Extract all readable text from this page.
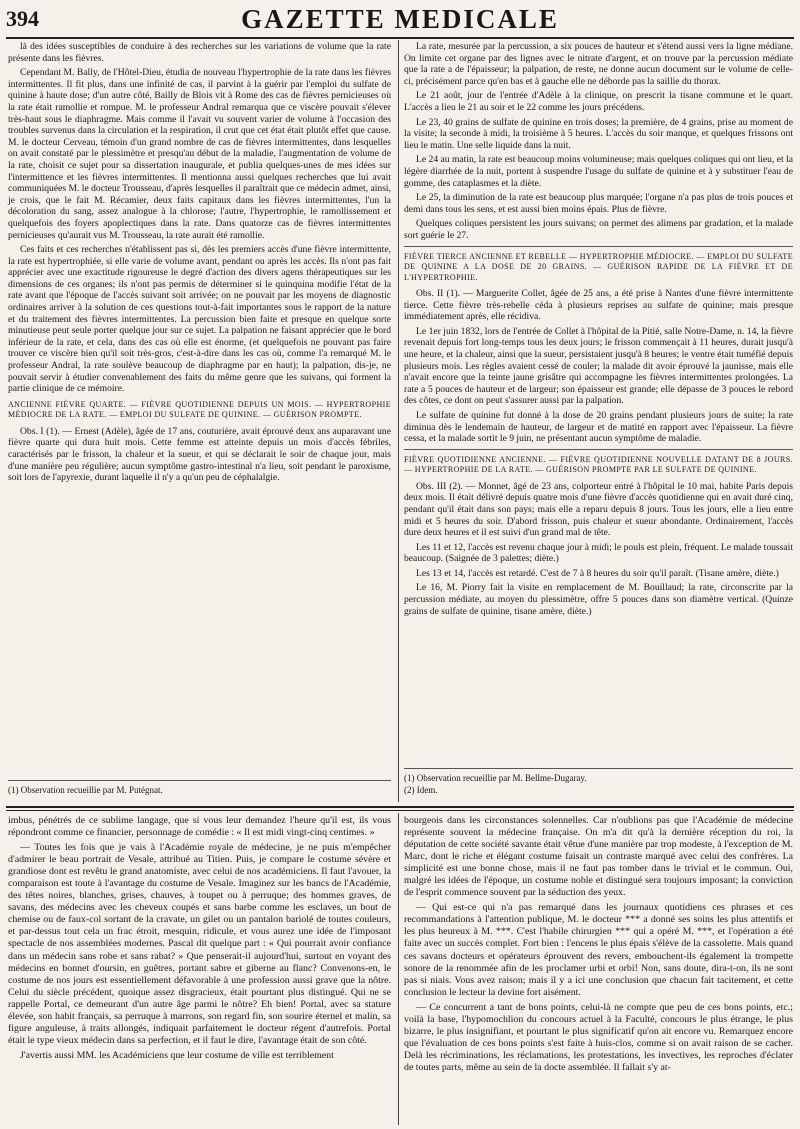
394	GAZETTE MEDICALE

là des idées susceptibles de conduire à des recherches sur les variations de volume que la rate présente dans les fièvres.

Cependant M. Bally, de l'Hôtel-Dieu, étudia de nouveau l'hypertrophie de la rate dans les fièvres intermittentes. Il fit plus, dans une infinité de cas, il parvint à la guérir par l'emploi du sulfate de quinine à haute dose; d'un autre côté, Bailly de Blois vit à Rome des cas de fièvres pernicieuses où la rate était ramollie et rompue. M. le professeur Andral remarqua que ce viscère pouvait s'élever très-haut sous le diaphragme. Mais comme il l'avait vu souvent varier de volume à l'occasion des troubles survenus dans la circulation et la respiration, il crut que cet état était plutôt effet que cause. M. le docteur Cerveau, témoin d'un grand nombre de cas de fièvres intermittentes, dans lesquelles on avait constaté par le plessimètre et presqu'au début de la maladie, l'augmentation de volume de la rate, choisit ce sujet pour sa dissertation inaugurale, et publia quelques-unes de mes idées sur l'intermittence et les fièvres intermittentes. Il mentionna aussi quelques recherches que lui avait communiquées M. le docteur Trousseau, d'après lesquelles il paraîtrait que ce médecin admet, ainsi, je crois, que le fait M. Récamier, deux faits capitaux dans les fièvres intermittentes, l'un la décoloration du sang, assez analogue à la chlorose; l'autre, l'hypertrophie, le ramollissement et quelquefois des foyers apoplectiques dans la rate. Dans quatorze cas de fièvres intermittentes pernicieuses qu'aurait vus M. Trousseau, la rate aurait été ramollie.

Ces faits et ces recherches n'établissent pas si, dès les premiers accès d'une fièvre intermittente, la rate est hypertrophiée, si elle varie de volume avant, pendant ou après les accès. Ils n'ont pas fait apprécier avec une exactitude rigoureuse le degré d'action des divers agens thérapeutiques sur les dimensions de ces organes; ils n'ont pas permis de déterminer si le quinquina modifie l'état de la rate avant que l'époque de l'accès suivant soit arrivée; on ne pouvait par les moyens de diagnostic ordinaires arriver à la solution de ces questions tout-à-fait importantes sous le rapport de la nature et du traitement des fièvres intermittentes. La percussion bien faite et presque en quelque sorte minutieuse peut seule porter quelque jour sur ce sujet. La palpation ne faisant apprécier que le bord inférieur de la rate, et cela, dans des cas où elle est énorme, (et quelquefois ne pouvant pas faire trouver ce viscère bien qu'il soit très-gros, c'est-à-dire dans les cas où, comme l'a remarqué M. le professeur Andral, la rate soulève beaucoup de diaphragme par en haut); la palpation, dis-je, ne pouvait servir à étudier convenablement des faits du même genre que les suivans, qui forment la partie clinique de ce mémoire.

ANCIENNE FIÈVRE QUARTE. — FIÈVRE QUOTIDIENNE DEPUIS UN MOIS. — HYPERTROPHIE MÉDIOCRE DE LA RATE. — EMPLOI DU SULFATE DE QUININE. — GUÉRISON PROMPTE.

Obs. I (1). — Ernest (Adèle), âgée de 17 ans, couturière, avait éprouvé deux ans auparavant une fièvre quarte qui dura huit mois. Cette femme est atteinte depuis un mois d'accès fébriles, caractérisés par le frisson, la chaleur et la sueur, et qui se déclarait le soir de chaque jour, mais d'une manière peu régulière; aucun symptôme gastro-intestinal n'a lieu, soit pendant le paroxisme, soit lors de l'apyrexie, durant laquelle il n'y a qu'un peu de céphalalgie.

(1) Observation recueillie par M. Putégnat.

La rate, mesurée par la percussion, a six pouces de hauteur et s'étend aussi vers la ligne médiane. On limite cet organe par des lignes avec le nitrate d'argent, et on trouve par la percussion médiate que la rate a de l'épaisseur; la palpation, de reste, ne donne aucun document sur le volume de celle-ci, précisément parce qu'en bas et à gauche elle ne déborde pas la saillie du thorax.

Le 21 août, jour de l'entrée d'Adèle à la clinique, on prescrit la tisane commune et le quart. L'accès a lieu le 21 au soir et le 22 comme les jours précédens.

Le 23, 40 grains de sulfate de quinine en trois doses; la première, de 4 grains, prise au moment de la visite; la seconde à midi, la troisième à 5 heures. L'accès du soir manque, et quelques frissons ont lieu le matin. Une selle liquide dans la nuit.

Le 24 au matin, la rate est beaucoup moins volumineuse; mais quelques coliques qui ont lieu, et la légère diarrhée de la nuit, portent à suspendre l'usage du sulfate de quinine et à y substituer l'eau de gomme, des cataplasmes et la diète.

Le 25, la diminution de la rate est beaucoup plus marquée; l'organe n'a pas plus de trois pouces et demi dans tous les sens, et est aussi bien moins épais. Plus de fièvre.

Quelques coliques persistent les jours suivans; on permet des alimens par gradation, et la malade sort guérie le 27.

FIÈVRE TIERCE ANCIENNE ET REBELLE — HYPERTROPHIE MÉDIOCRE. — EMPLOI DU SULFATE DE QUININE A LA DOSE DE 20 GRAINS. — GUÉRISON RAPIDE DE LA FIÈVRE ET DE L'HYPERTROPHIE.

Obs. II (1). — Marguerite Collet, âgée de 25 ans, a été prise à Nantes d'une fièvre intermittente tierce. Cette fièvre très-rebelle céda à plusieurs reprises au sulfate de quinine; mais presque immédiatement après, elle récidiva.

Le 1er juin 1832, lors de l'entrée de Collet à l'hôpital de la Pitié, salle Notre-Dame, n. 14, la fièvre revenait depuis fort long-temps tous les deux jours; le frisson commençait à 11 heures, durait jusqu'à une heure, et la chaleur, ainsi que la sueur, persistaient jusqu'à 8 heures; le ventre était tuméfié depuis plusieurs mois. Les règles avaient cessé de couler; la malade dit avoir éprouvé la jaunisse, mais elle n'avait encore que la teinte jaune grisâtre qui accompagne les fièvres intermittentes prolongées. La rate a 5 pouces de hauteur et de largeur; son épaisseur est grande; elle dépasse de 3 pouces le rebord des côtes, ce dont on peut s'assurer aussi par la palpation.

Le sulfate de quinine fut donné à la dose de 20 grains pendant plusieurs jours de suite; la rate diminua dès le lendemain de hauteur, de largeur et de matité en rapport avec l'épaisseur. La fièvre cessa, et la malade sortit le 9 juin, ne présentant aucun symptôme de maladie.

FIÈVRE QUOTIDIENNE ANCIENNE. — FIÈVRE QUOTIDIENNE NOUVELLE DATANT DE 8 JOURS. — HYPERTROPHIE DE LA RATE. — GUÉRISON PROMPTE PAR LE SULFATE DE QUININE.

Obs. III (2). — Monnet, âgé de 23 ans, colporteur entré à l'hôpital le 10 mai, habite Paris depuis deux mois. Il était délivré depuis quatre mois d'une fièvre d'accès quotidienne qui en avait duré cinq, pendant qu'il était dans son pays; mais elle a reparu depuis 8 jours. Tous les jours, elle a lieu entre midi et 5 heures du soir. D'abord frisson, puis chaleur et sueur abondante. Ordinairement, l'accès dure deux heures et il est suivi d'un grand mal de tête.

Les 11 et 12, l'accès est revenu chaque jour à midi; le pouls est plein, fréquent. Le malade toussait beaucoup. (Saignée de 3 palettes; diète.)

Les 13 et 14, l'accès est retardé. C'est de 7 à 8 heures du soir qu'il paraît. (Tisane amère, diète.)

Le 16, M. Piorry fait la visite en remplacement de M. Bouillaud; la rate, circonscrite par la percussion médiate, au moyen du plessimètre, offre 5 pouces dans son diamètre vertical. (Quinze grains de sulfate de quinine, tisane amère, diète.)

(1) Observation recueillie par M. Bellme-Dugaray.

(2) Idem.

imbus, pénétrés de ce sublime langage, que si vous leur demandez l'heure qu'il est, ils vous répondront comme ce financier, personnage de comédie : « Il est midi vingt-cinq centimes. »

— Toutes les fois que je vais à l'Académie royale de médecine, je ne puis m'empêcher d'admirer le beau portrait de Vesale, attribué au Titien. Puis, je compare le costume sévère et grandiose dont est revêtu le grand anatomiste, avec celui de nos académiciens. Il faut l'avouer, la comparaison est toute à l'avantage du costume de Vesale. Imaginez sur les bancs de l'Académie, des têtes noires, blanches, grises, chauves, à toupet ou à perruque; des hommes graves, de savans, des médecins avec les cheveux coupés et sans barbe comme les esclaves, un bout de chemise ou de faux-col sortant de la cravate, un gilet ou un pantalon bariolé de toutes couleurs, et par-dessus tout cela un frac étroit, mesquin, ridicule, et vous aurez une idée de l'imposant spectacle de nos assemblées modernes. Pascal dit quelque part : « Qui pourrait avoir confiance dans un médecin sans robe et sans rabat? » Que penserait-il aujourd'hui, surtout en voyant des médecins en bonnet d'oursin, en guêtres, portant sabre et giberne au flanc? Convenons-en, le costume de nos jours est essentiellement défavorable à une profession aussi grave que la nôtre. Celui du siècle précédent, quoique assez disgracieux, était pourtant plus distingué. Qui ne se rappelle Portal, ce demeurant d'un autre âge parmi le nôtre? Eh bien! Portal, avec sa stature élevée, son habit français, sa perruque à marrons, son regard fin, son sourire éternel et malin, sa figure anguleuse, à traits allongés, indiquait parfaitement le docteur régent d'autrefois. Portal était le type vieux médecin dans sa perfection, et il faut le dire, l'avantage était de son côté.

J'avertis aussi MM. les Académiciens que leur costume de ville est terriblement

bourgeois dans les circonstances solennelles. Car n'oublions pas que l'Académie de médecine représente souvent la médecine française. On m'a dit qu'à la dernière réception du roi, la députation de cette société savante était vêtue d'une manière par trop modeste, à l'exception de M. Marc, dont le riche et élégant costume faisait un contraste marqué avec celui des confrères. La simplicité est une bonne chose, mais il ne faut pas tomber dans le trivial et le commun. Oui, malgré les idées de l'époque, un costume noble et distingué sera toujours imposant; la conviction de l'esprit commence souvent par la séduction des yeux.

— Qui est-ce qui n'a pas remarqué dans les journaux quotidiens ces phrases et ces recommandations à l'attention publique, M. le docteur *** a donné ses soins les plus attentifs et les plus heureux à M. ***. C'est l'habile chirurgien *** qui a opéré M. ***, et l'opération a été faite avec un succès complet. Fort bien : l'encens le plus épais s'élève de la cassolette. Mais quand ces savans docteurs et opérateurs éprouvent des revers, embouchent-ils également la trompette sonore de la renommée afin de les proclamer urbi et orbi! Non, sans doute, dira-t-on, ils ne sont pas si niais. Vous avez raison; mais il y a ici une conclusion que chacun fait tacitement, et cette conclusion le lecteur la devine fort aisément.

— Ce concurrent a tant de bons points, celui-là ne compte que peu de ces bons points, etc.; voilà la base, l'hypomochlion du concours actuel à la Faculté, concours le plus étrange, le plus bizarre, le plus insignifiant, et pourtant le plus significatif qu'on ait encore vu. Remarquez encore que l'évaluation de ces bons points s'est faite à huis-clos, comme si on avait raison de se cacher. Delà les récriminations, les réclamations, les protestations, les invectives, les reproches d'éclater de toutes parts, même au sein de la docte assemblée. Il fallait s'y at-
